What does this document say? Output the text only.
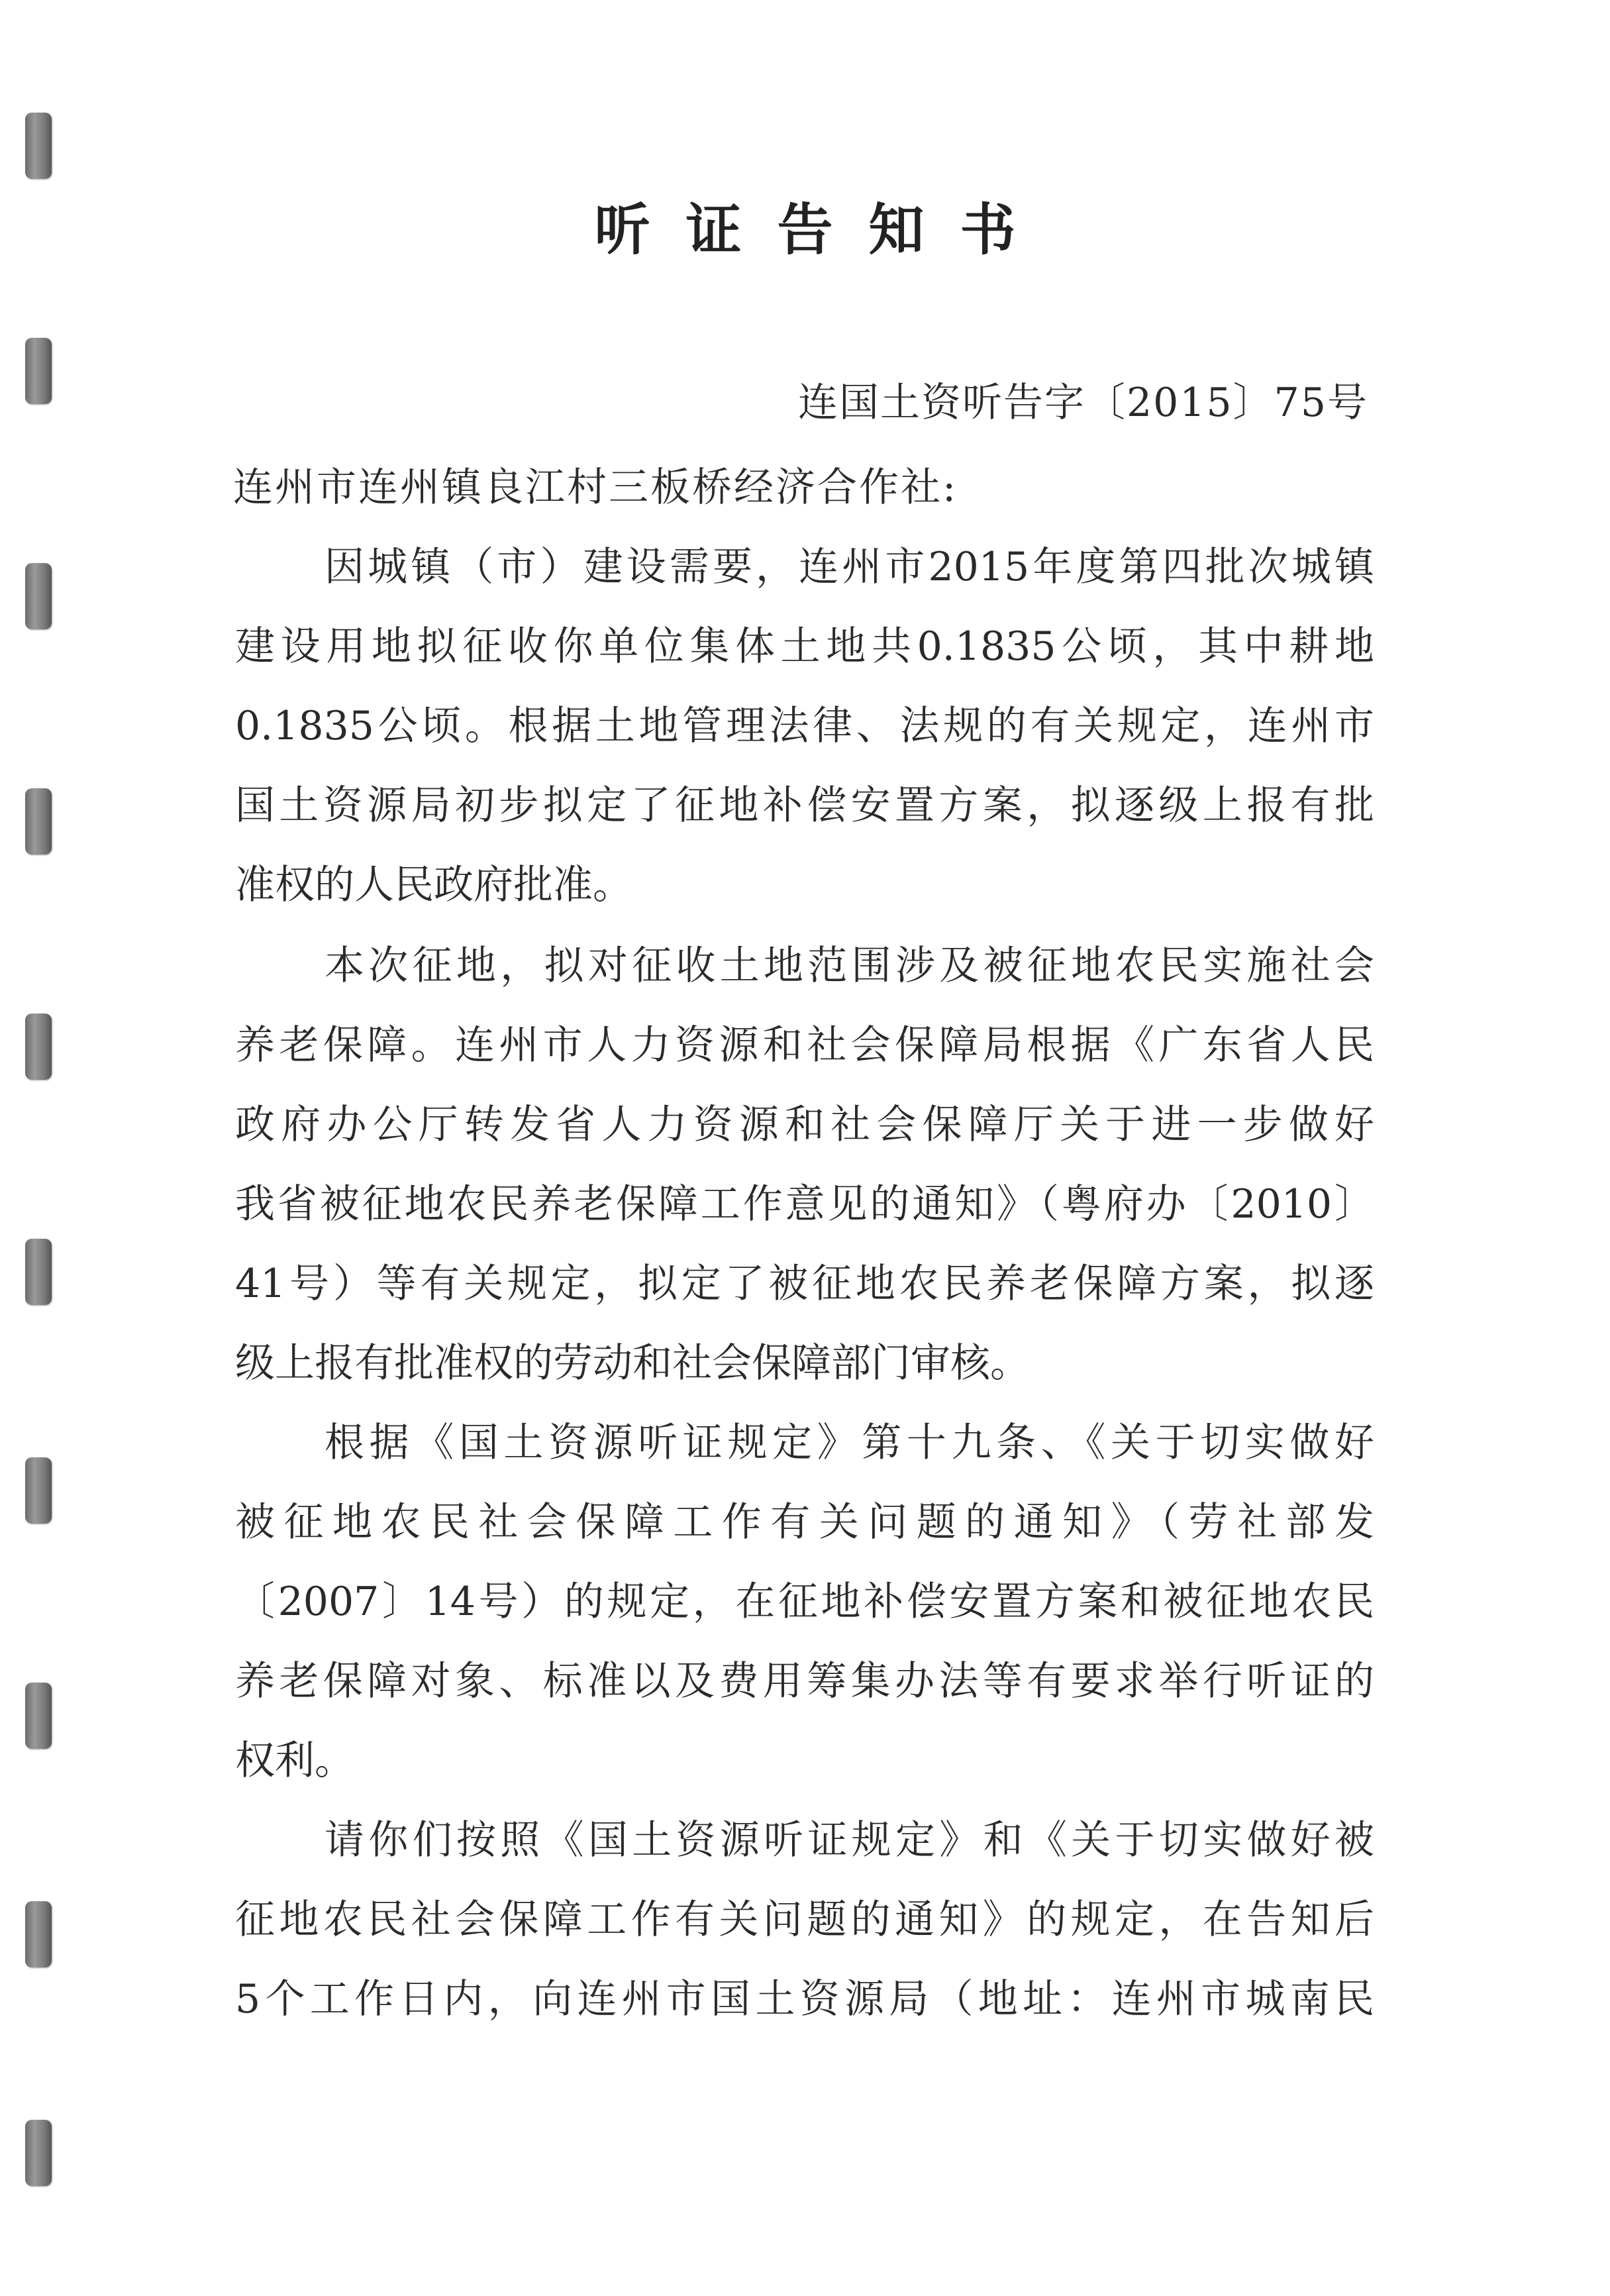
听证告知书
连国土资听告字〔2015〕75号
连州市连州镇良江村三板桥经济合作社:
因城镇（市）建设需要，连州市2015年度第四批次城镇
建设用地拟征收你单位集体土地共0.1835公顷，其中耕地
0.1835公顷。根据土地管理法律、法规的有关规定，连州市
国土资源局初步拟定了征地补偿安置方案，拟逐级上报有批
准权的人民政府批准。
本次征地，拟对征收土地范围涉及被征地农民实施社会
养老保障。连州市人力资源和社会保障局根据《广东省人民
政府办公厅转发省人力资源和社会保障厅关于进一步做好
我省被征地农民养老保障工作意见的通知》（粤府办〔2010〕
41号）等有关规定，拟定了被征地农民养老保障方案，拟逐
级上报有批准权的劳动和社会保障部门审核。
根据《国土资源听证规定》第十九条、《关于切实做好
被征地农民社会保障工作有关问题的通知》（劳社部发
〔2007〕14号）的规定，在征地补偿安置方案和被征地农民
养老保障对象、标准以及费用筹集办法等有要求举行听证的
权利。
请你们按照《国土资源听证规定》和《关于切实做好被
征地农民社会保障工作有关问题的通知》的规定，在告知后
5个工作日内，向连州市国土资源局（地址：连州市城南民
